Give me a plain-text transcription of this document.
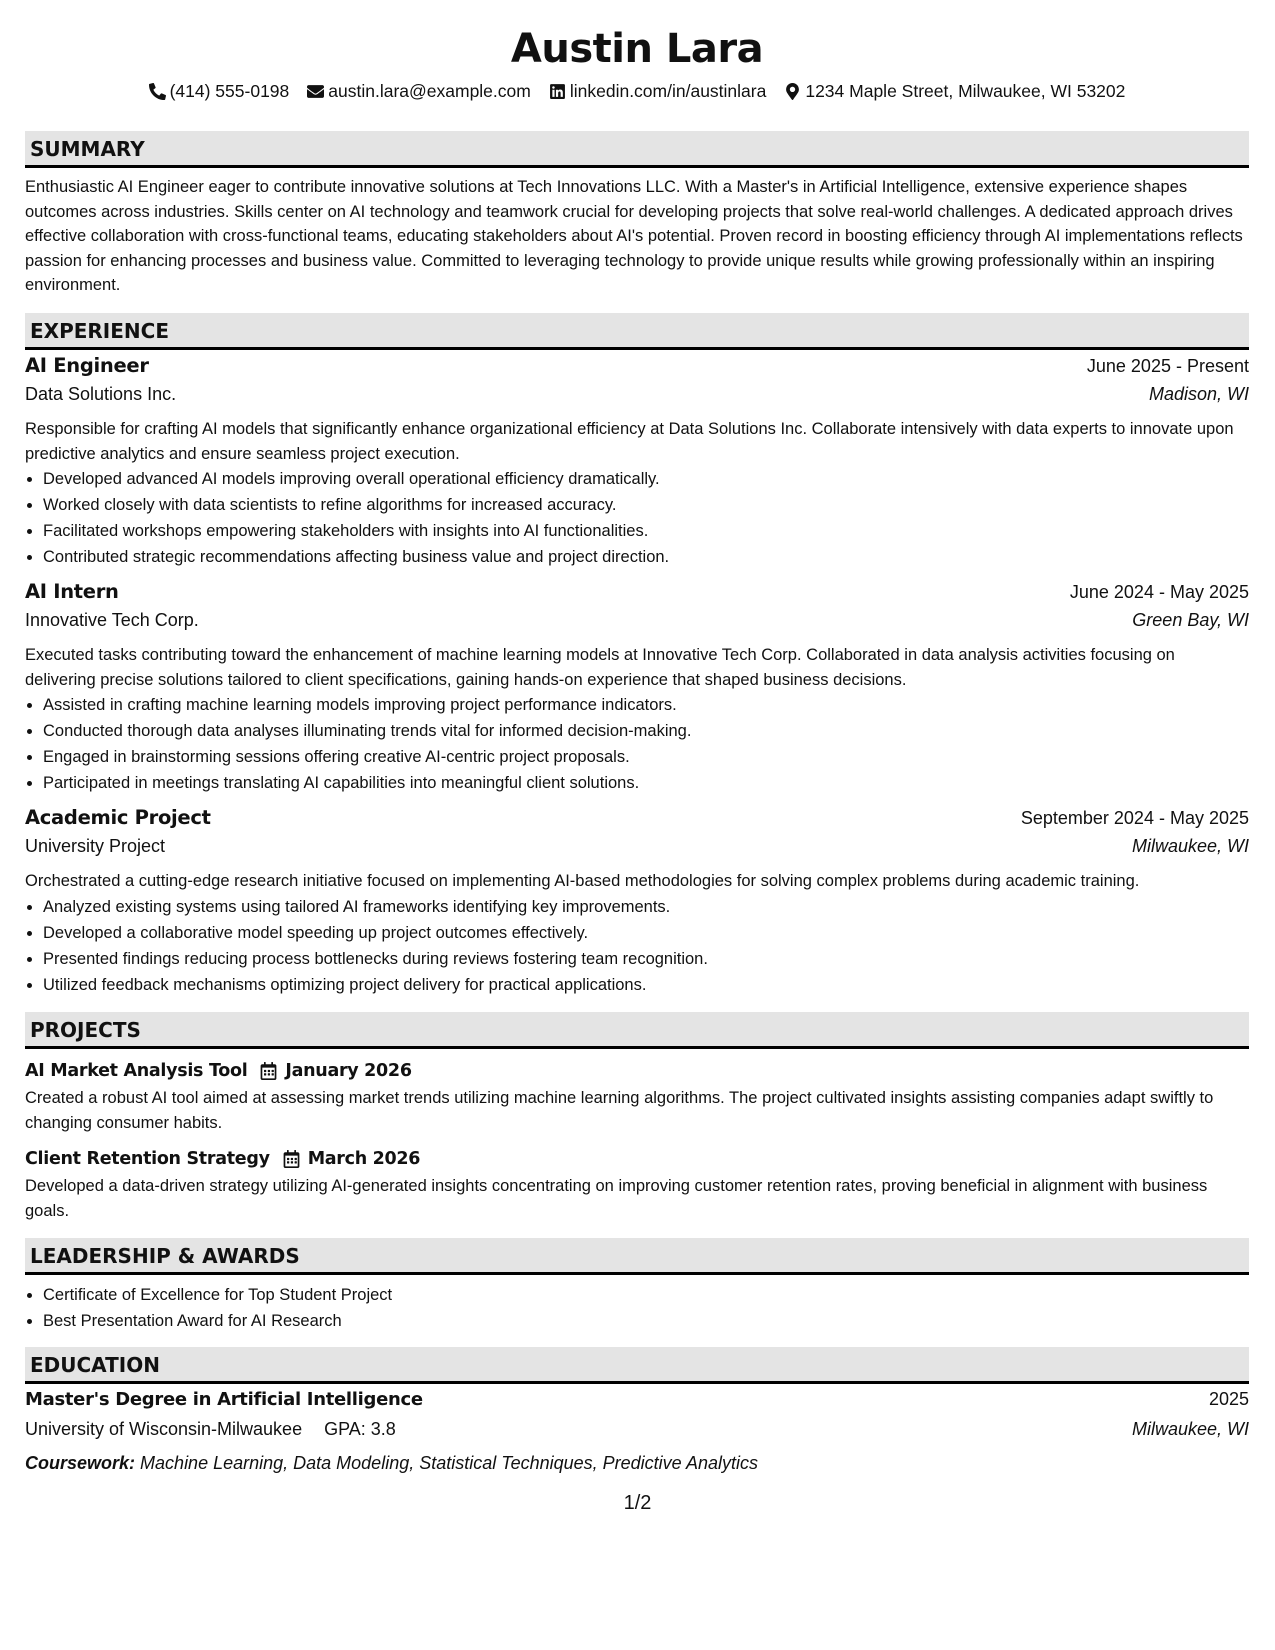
Austin Lara
(414) 555-0198 austin.lara@example.com linkedin.com/in/austinlara 1234 Maple Street, Milwaukee, WI 53202
SUMMARY

Enthusiastic AI Engineer eager to contribute innovative solutions at Tech Innovations LLC. With a Master's in Artificial Intelligence, extensive experience shapes outcomes across industries. Skills center on AI technology and teamwork crucial for developing projects that solve real-world challenges. A dedicated approach drives effective collaboration with cross-functional teams, educating stakeholders about AI's potential. Proven record in boosting efficiency through AI implementations reflects passion for enhancing processes and business value. Committed to leveraging technology to provide unique results while growing professionally within an inspiring environment.

EXPERIENCE
AI Engineer	June 2025 - Present
Data Solutions Inc.	Madison, WI

Responsible for crafting AI models that significantly enhance organizational efficiency at Data Solutions Inc. Collaborate intensively with data experts to innovate upon predictive analytics and ensure seamless project execution.

• Developed advanced AI models improving overall operational efficiency dramatically.
• Worked closely with data scientists to refine algorithms for increased accuracy.
• Facilitated workshops empowering stakeholders with insights into AI functionalities.
• Contributed strategic recommendations affecting business value and project direction.
AI Intern	June 2024 - May 2025
Innovative Tech Corp.	Green Bay, WI

Executed tasks contributing toward the enhancement of machine learning models at Innovative Tech Corp. Collaborated in data analysis activities focusing on delivering precise solutions tailored to client specifications, gaining hands-on experience that shaped business decisions.

• Assisted in crafting machine learning models improving project performance indicators.
• Conducted thorough data analyses illuminating trends vital for informed decision-making.
• Engaged in brainstorming sessions offering creative AI-centric project proposals.
• Participated in meetings translating AI capabilities into meaningful client solutions.
Academic Project	September 2024 - May 2025
University Project	Milwaukee, WI

Orchestrated a cutting-edge research initiative focused on implementing AI-based methodologies for solving complex problems during academic training.

• Analyzed existing systems using tailored AI frameworks identifying key improvements.
• Developed a collaborative model speeding up project outcomes effectively.
• Presented findings reducing process bottlenecks during reviews fostering team recognition.
• Utilized feedback mechanisms optimizing project delivery for practical applications.
PROJECTS
AI Market Analysis Tool January 2026

Created a robust AI tool aimed at assessing market trends utilizing machine learning algorithms. The project cultivated insights assisting companies adapt swiftly to changing consumer habits.

Client Retention Strategy March 2026

Developed a data-driven strategy utilizing AI-generated insights concentrating on improving customer retention rates, proving beneficial in alignment with business goals.

LEADERSHIP & AWARDS
• Certificate of Excellence for Top Student Project
• Best Presentation Award for AI Research
EDUCATION
Master's Degree in Artificial Intelligence	2025
University of Wisconsin-Milwaukee GPA: 3.8	Milwaukee, WI
Coursework: Machine Learning, Data Modeling, Statistical Techniques, Predictive Analytics
1/2
